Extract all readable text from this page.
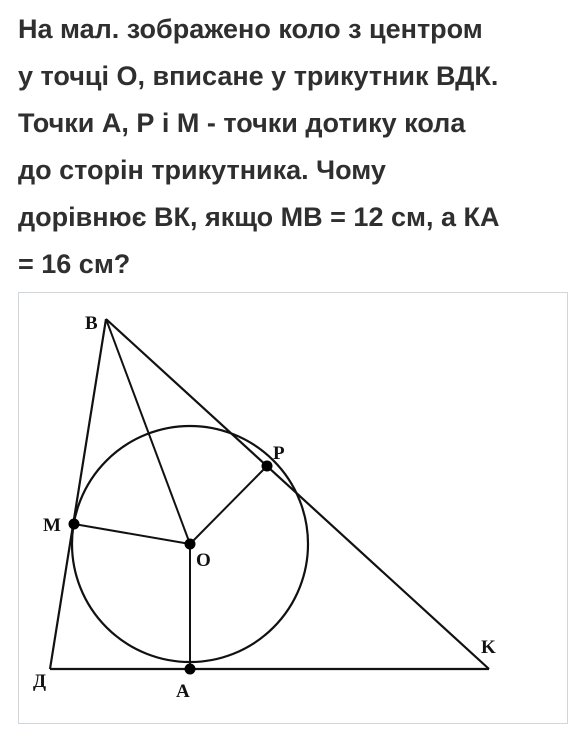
На мал. зображено коло з центром
у точці О, вписане у трикутник ВДК.
Точки А, Р і М - точки дотику кола
до сторін трикутника. Чому
дорівнює ВК, якщо МВ = 12 см, а КА
= 16 см?
B
P
M
O
K
Д	A
